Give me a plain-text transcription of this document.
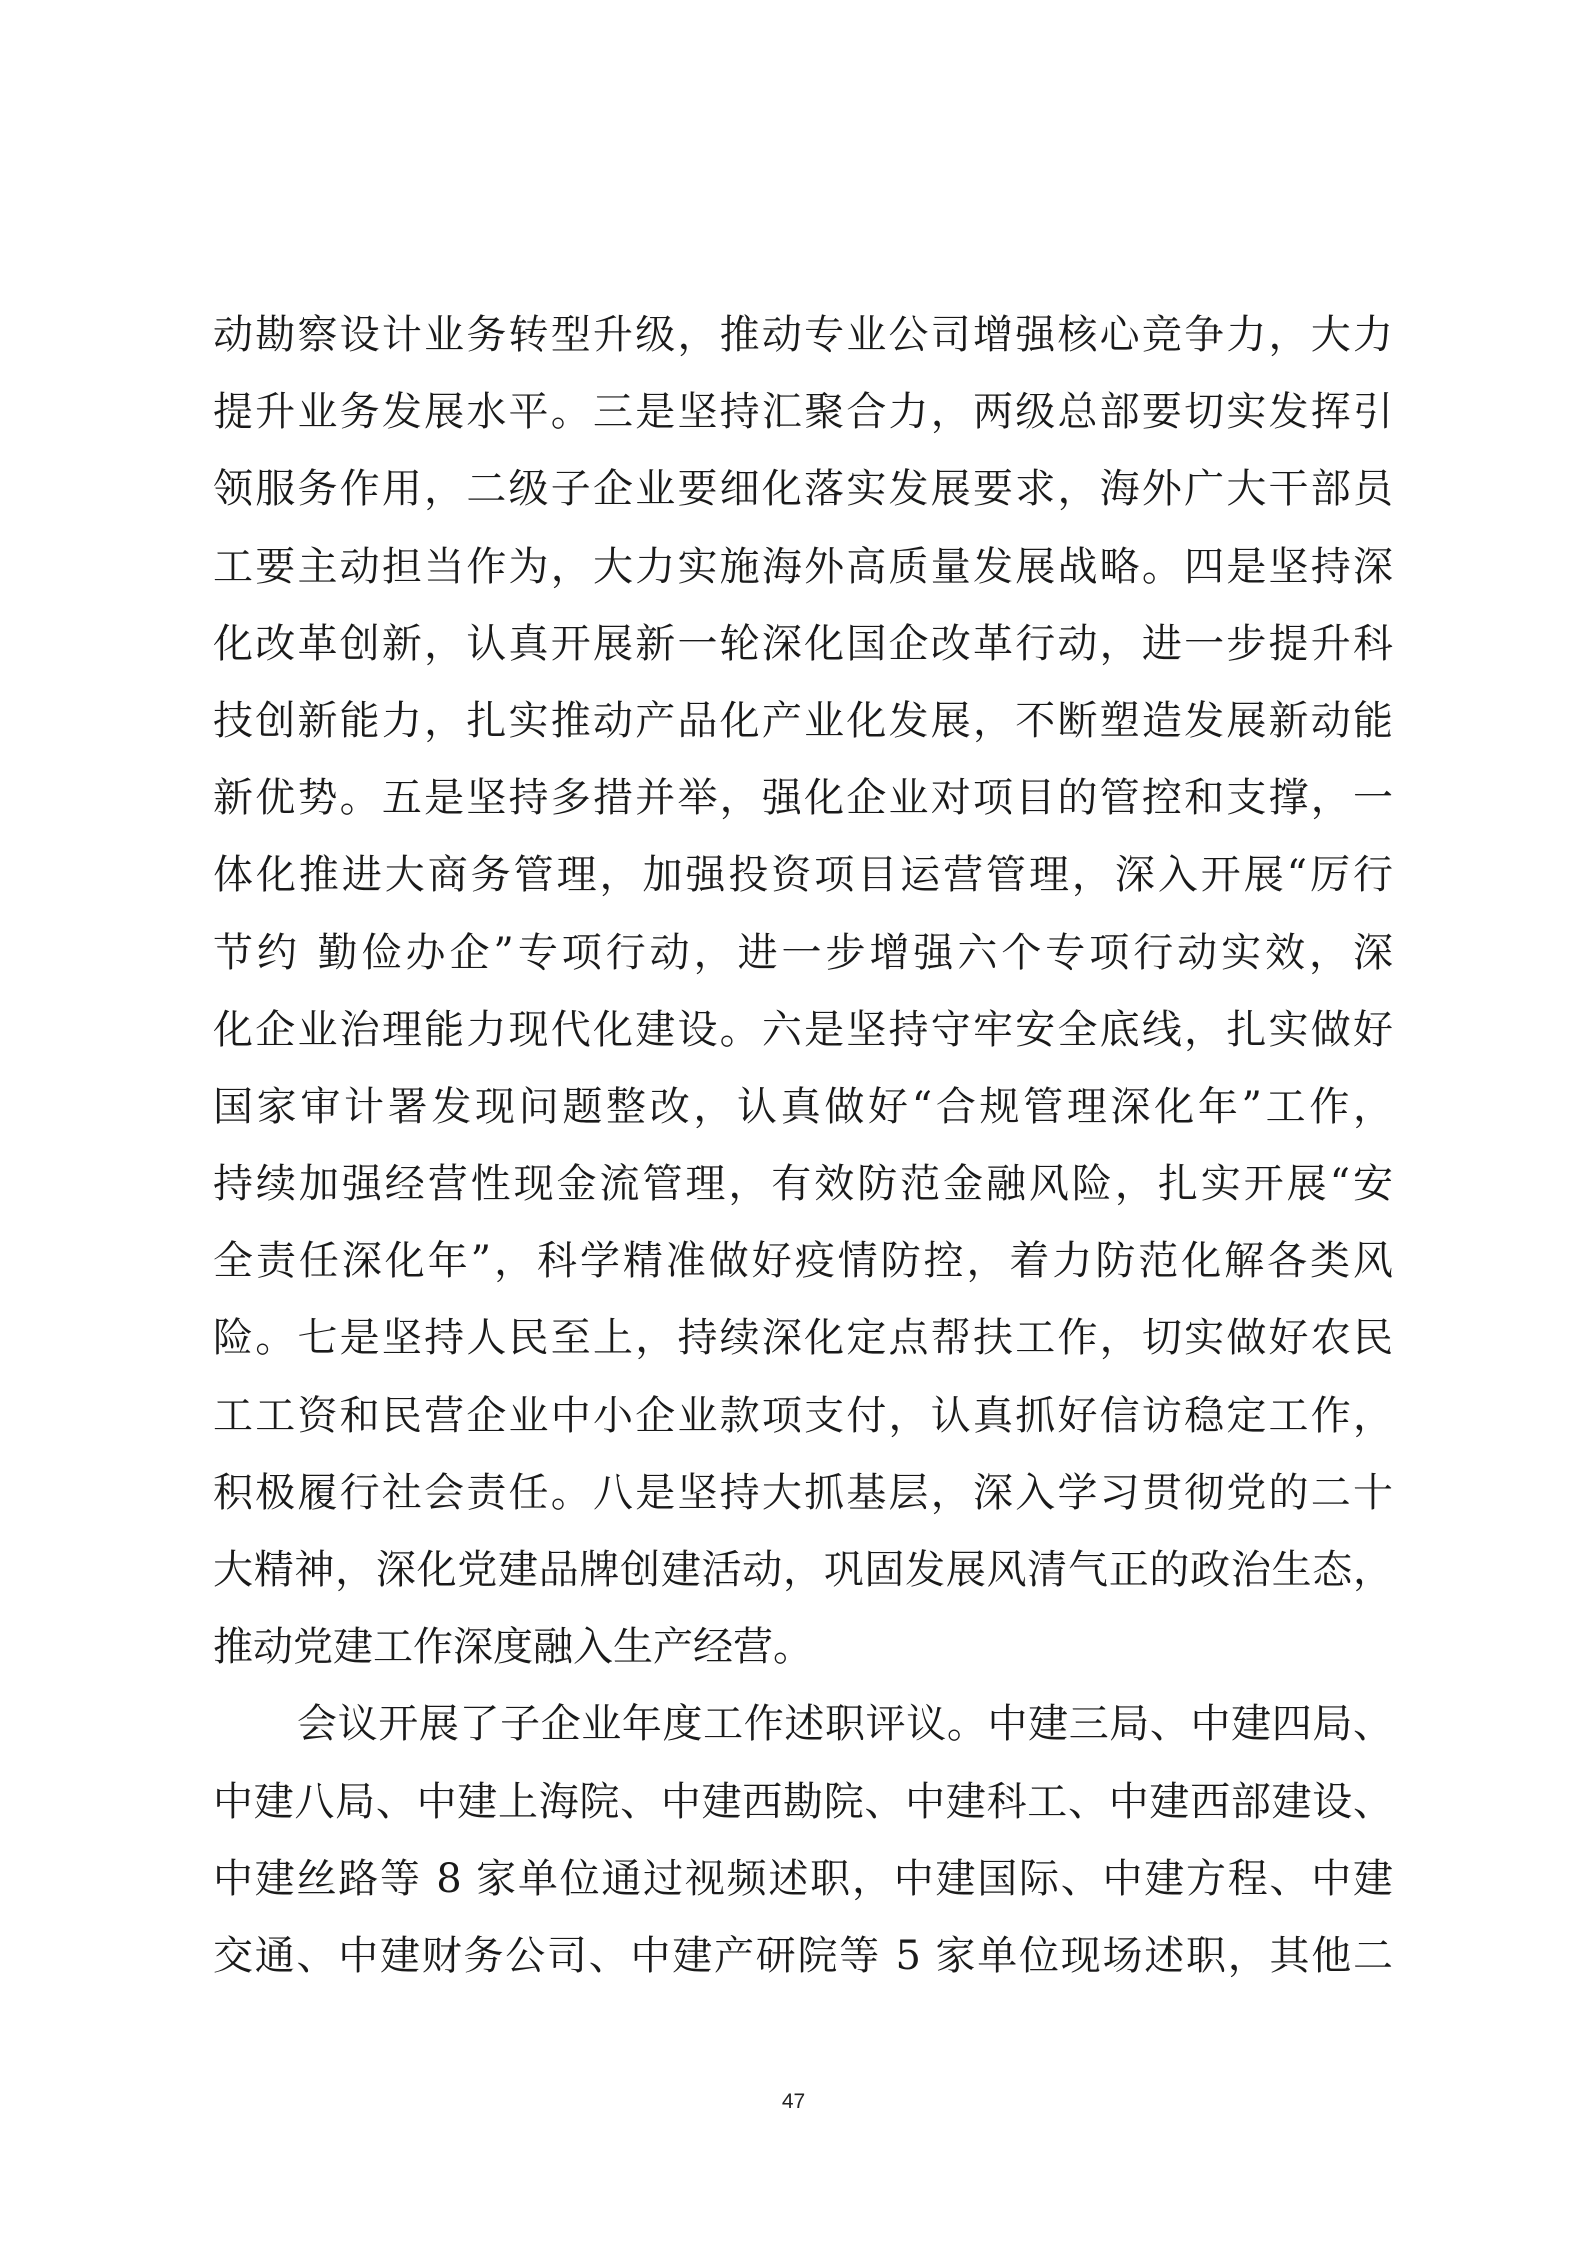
动勘察设计业务转型升级，推动专业公司增强核心竞争力，大力
提升业务发展水平。三是坚持汇聚合力，两级总部要切实发挥引
领服务作用，二级子企业要细化落实发展要求，海外广大干部员
工要主动担当作为，大力实施海外高质量发展战略。四是坚持深
化改革创新，认真开展新一轮深化国企改革行动，进一步提升科
技创新能力，扎实推动产品化产业化发展，不断塑造发展新动能
新优势。五是坚持多措并举，强化企业对项目的管控和支撑，一
体化推进大商务管理，加强投资项目运营管理，深入开展“厉行
节约 勤俭办企”专项行动，进一步增强六个专项行动实效，深
化企业治理能力现代化建设。六是坚持守牢安全底线，扎实做好
国家审计署发现问题整改，认真做好“合规管理深化年”工作，
持续加强经营性现金流管理，有效防范金融风险，扎实开展“安
全责任深化年”，科学精准做好疫情防控，着力防范化解各类风
险。七是坚持人民至上，持续深化定点帮扶工作，切实做好农民
工工资和民营企业中小企业款项支付，认真抓好信访稳定工作，
积极履行社会责任。八是坚持大抓基层，深入学习贯彻党的二十
大精神，深化党建品牌创建活动，巩固发展风清气正的政治生态，
推动党建工作深度融入生产经营。
会议开展了子企业年度工作述职评议。中建三局、中建四局、
中建八局、中建上海院、中建西勘院、中建科工、中建西部建设、
中建丝路等 8 家单位通过视频述职，中建国际、中建方程、中建
交通、中建财务公司、中建产研院等 5 家单位现场述职，其他二
47
